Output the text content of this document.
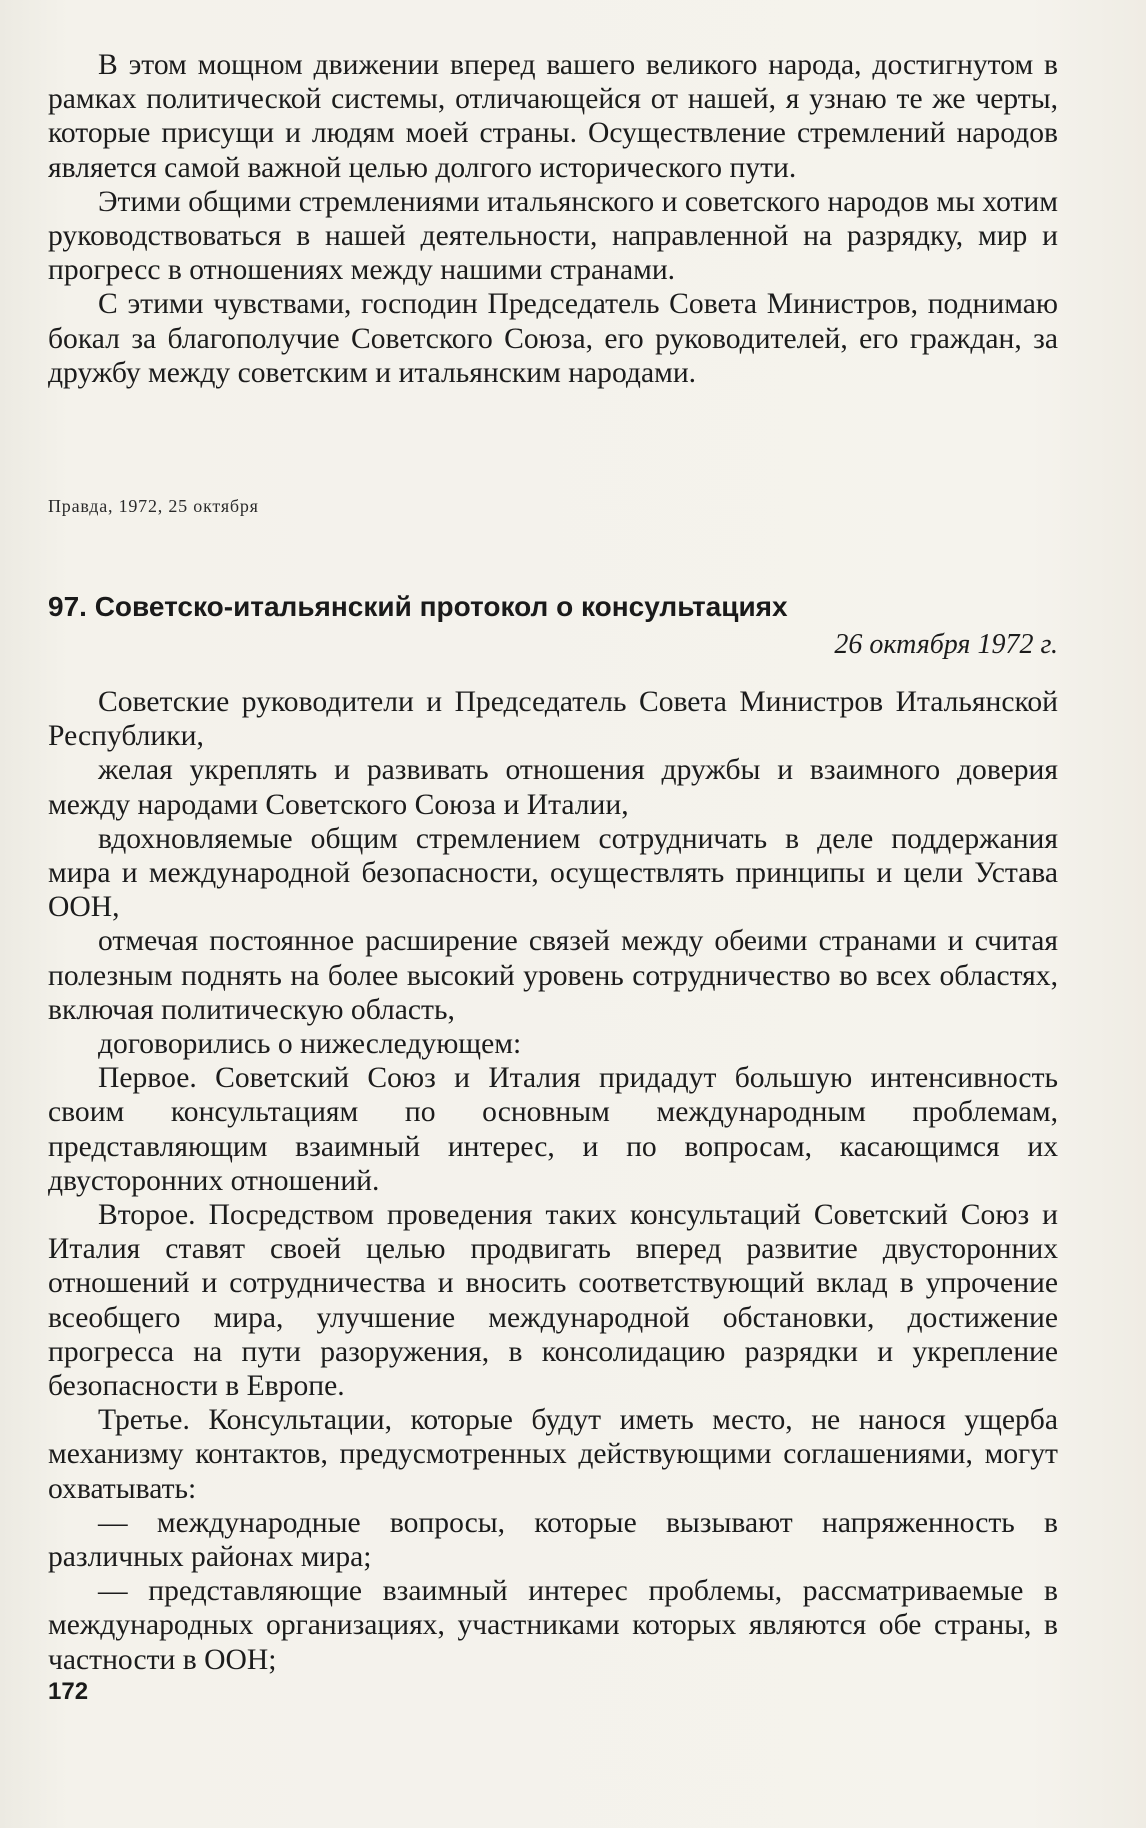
В этом мощном движении вперед вашего великого народа, достигнутом в рамках политической системы, отличающейся от нашей, я узнаю те же черты, которые присущи и людям моей страны. Осуществление стремлений народов является самой важной целью долгого исторического пути.

Этими общими стремлениями итальянского и советского народов мы хотим руководствоваться в нашей деятельности, направленной на разрядку, мир и прогресс в отношениях между нашими странами.

С этими чувствами, господин Председатель Совета Министров, поднимаю бокал за благополучие Советского Союза, его руководителей, его граждан, за дружбу между советским и итальянским народами.

Правда, 1972, 25 октября
97. Советско-итальянский протокол о консультациях
26 октября 1972 г.

Советские руководители и Председатель Совета Министров Итальянской Республики,

желая укреплять и развивать отношения дружбы и взаимного доверия между народами Советского Союза и Италии,

вдохновляемые общим стремлением сотрудничать в деле поддержания мира и международной безопасности, осуществлять принципы и цели Устава ООН,

отмечая постоянное расширение связей между обеими странами и считая полезным поднять на более высокий уровень сотрудничество во всех областях, включая политическую область,

договорились о нижеследующем:

Первое. Советский Союз и Италия придадут большую интенсивность своим консультациям по основным международным проблемам, представляющим взаимный интерес, и по вопросам, касающимся их двусторонних отношений.

Второе. Посредством проведения таких консультаций Советский Союз и Италия ставят своей целью продвигать вперед развитие двусторонних отношений и сотрудничества и вносить соответствующий вклад в упрочение всеобщего мира, улучшение международной обстановки, достижение прогресса на пути разоружения, в консолидацию разрядки и укрепление безопасности в Европе.

Третье. Консультации, которые будут иметь место, не нанося ущерба механизму контактов, предусмотренных действующими соглашениями, могут охватывать:

— международные вопросы, которые вызывают напряженность в различных районах мира;

— представляющие взаимный интерес проблемы, рассматриваемые в международных организациях, участниками которых являются обе страны, в частности в ООН;

172
